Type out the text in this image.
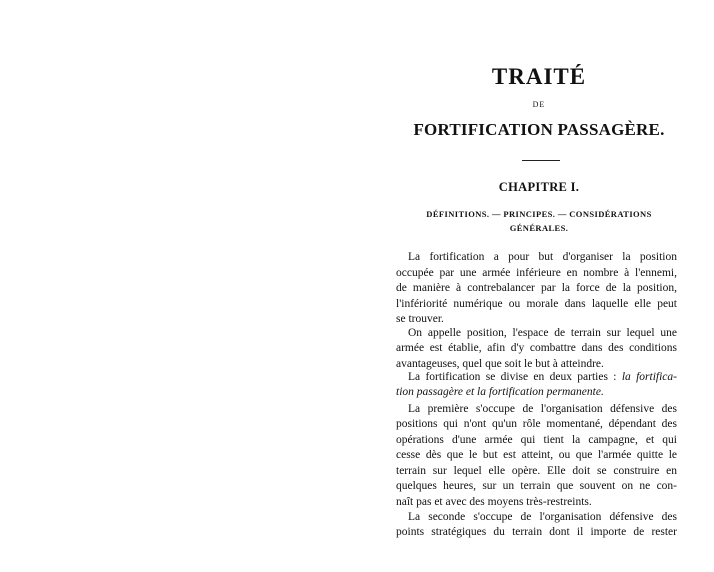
TRAITÉ
DE
FORTIFICATION PASSAGÈRE.
CHAPITRE I.
DÉFINITIONS. — PRINCIPES. — CONSIDÉRATIONS
GÉNÉRALES.
La fortification a pour but d'organiser la position
occupée par une armée inférieure en nombre à l'ennemi,
de manière à contrebalancer par la force de la position,
l'infériorité numérique ou morale dans laquelle elle peut
se trouver.
On appelle position, l'espace de terrain sur lequel une
armée est établie, afin d'y combattre dans des conditions
avantageuses, quel que soit le but à atteindre.
La fortification se divise en deux parties : la fortifica-
tion passagère et la fortification permanente.
La première s'occupe de l'organisation défensive des
positions qui n'ont qu'un rôle momentané, dépendant des
opérations d'une armée qui tient la campagne, et qui
cesse dès que le but est atteint, ou que l'armée quitte le
terrain sur lequel elle opère. Elle doit se construire en
quelques heures, sur un terrain que souvent on ne con-
naît pas et avec des moyens très-restreints.
La seconde s'occupe de l'organisation défensive des
points stratégiques du terrain dont il importe de rester
